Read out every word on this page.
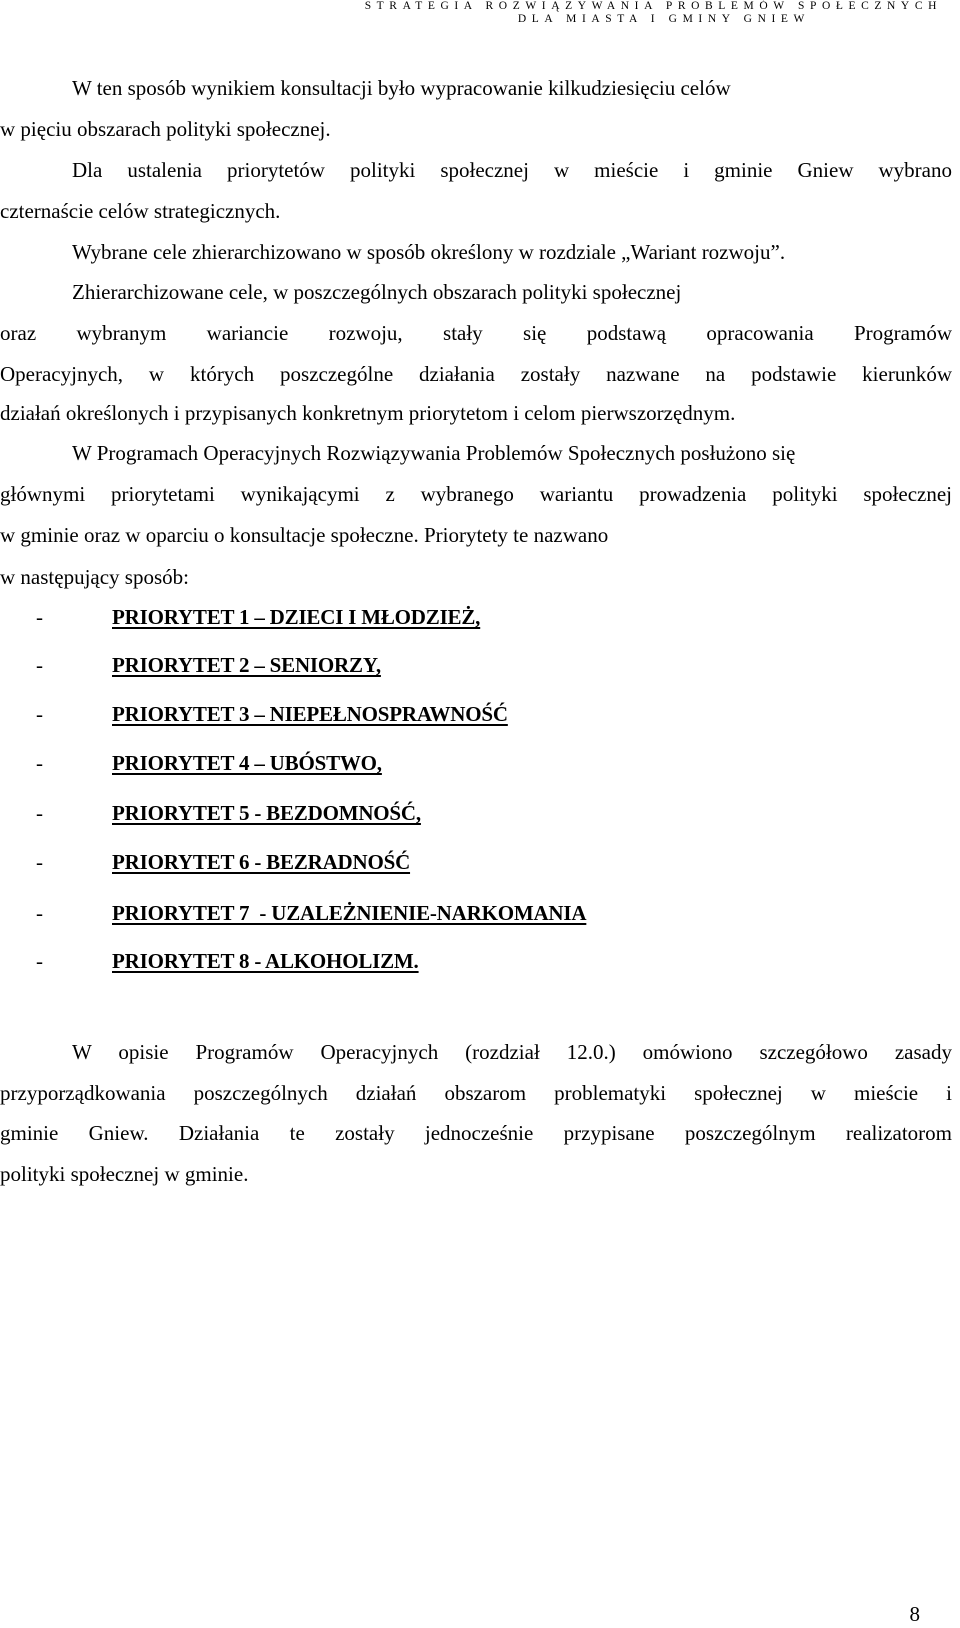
STRATEGIA ROZWIĄZYWANIA PROBLEMÓW SPOŁECZNYCH
DLA MIASTA I GMINY GNIEW
W ten sposób wynikiem konsultacji było wypracowanie kilkudziesięciu celów
w pięciu obszarach polityki społecznej.
Dla ustalenia priorytetów polityki społecznej w mieście i gminie Gniew wybrano
czternaście celów strategicznych.
Wybrane cele zhierarchizowano w sposób określony w rozdziale „Wariant rozwoju”.
Zhierarchizowane cele, w poszczególnych obszarach polityki społecznej
oraz wybranym wariancie rozwoju, stały się podstawą opracowania Programów
Operacyjnych, w których poszczególne działania zostały nazwane na podstawie kierunków
działań określonych i przypisanych konkretnym priorytetom i celom pierwszorzędnym.
W Programach Operacyjnych Rozwiązywania Problemów Społecznych posłużono się
głównymi priorytetami wynikającymi z wybranego wariantu prowadzenia polityki społecznej
w gminie oraz w oparciu o konsultacje społeczne. Priorytety te nazwano
w następujący sposób:
-	PRIORYTET 1 – DZIECI I MŁODZIEŻ,
-	PRIORYTET 2 – SENIORZY,
-	PRIORYTET 3 – NIEPEŁNOSPRAWNOŚĆ
-	PRIORYTET 4 – UBÓSTWO,
-	PRIORYTET 5 - BEZDOMNOŚĆ,
-	PRIORYTET 6 - BEZRADNOŚĆ
-	PRIORYTET 7  - UZALEŻNIENIE-NARKOMANIA
-	PRIORYTET 8 - ALKOHOLIZM.
W opisie Programów Operacyjnych (rozdział 12.0.) omówiono szczegółowo zasady
przyporządkowania poszczególnych działań obszarom problematyki społecznej w mieście i
gminie Gniew. Działania te zostały jednocześnie przypisane poszczególnym realizatorom
polityki społecznej w gminie.
8
